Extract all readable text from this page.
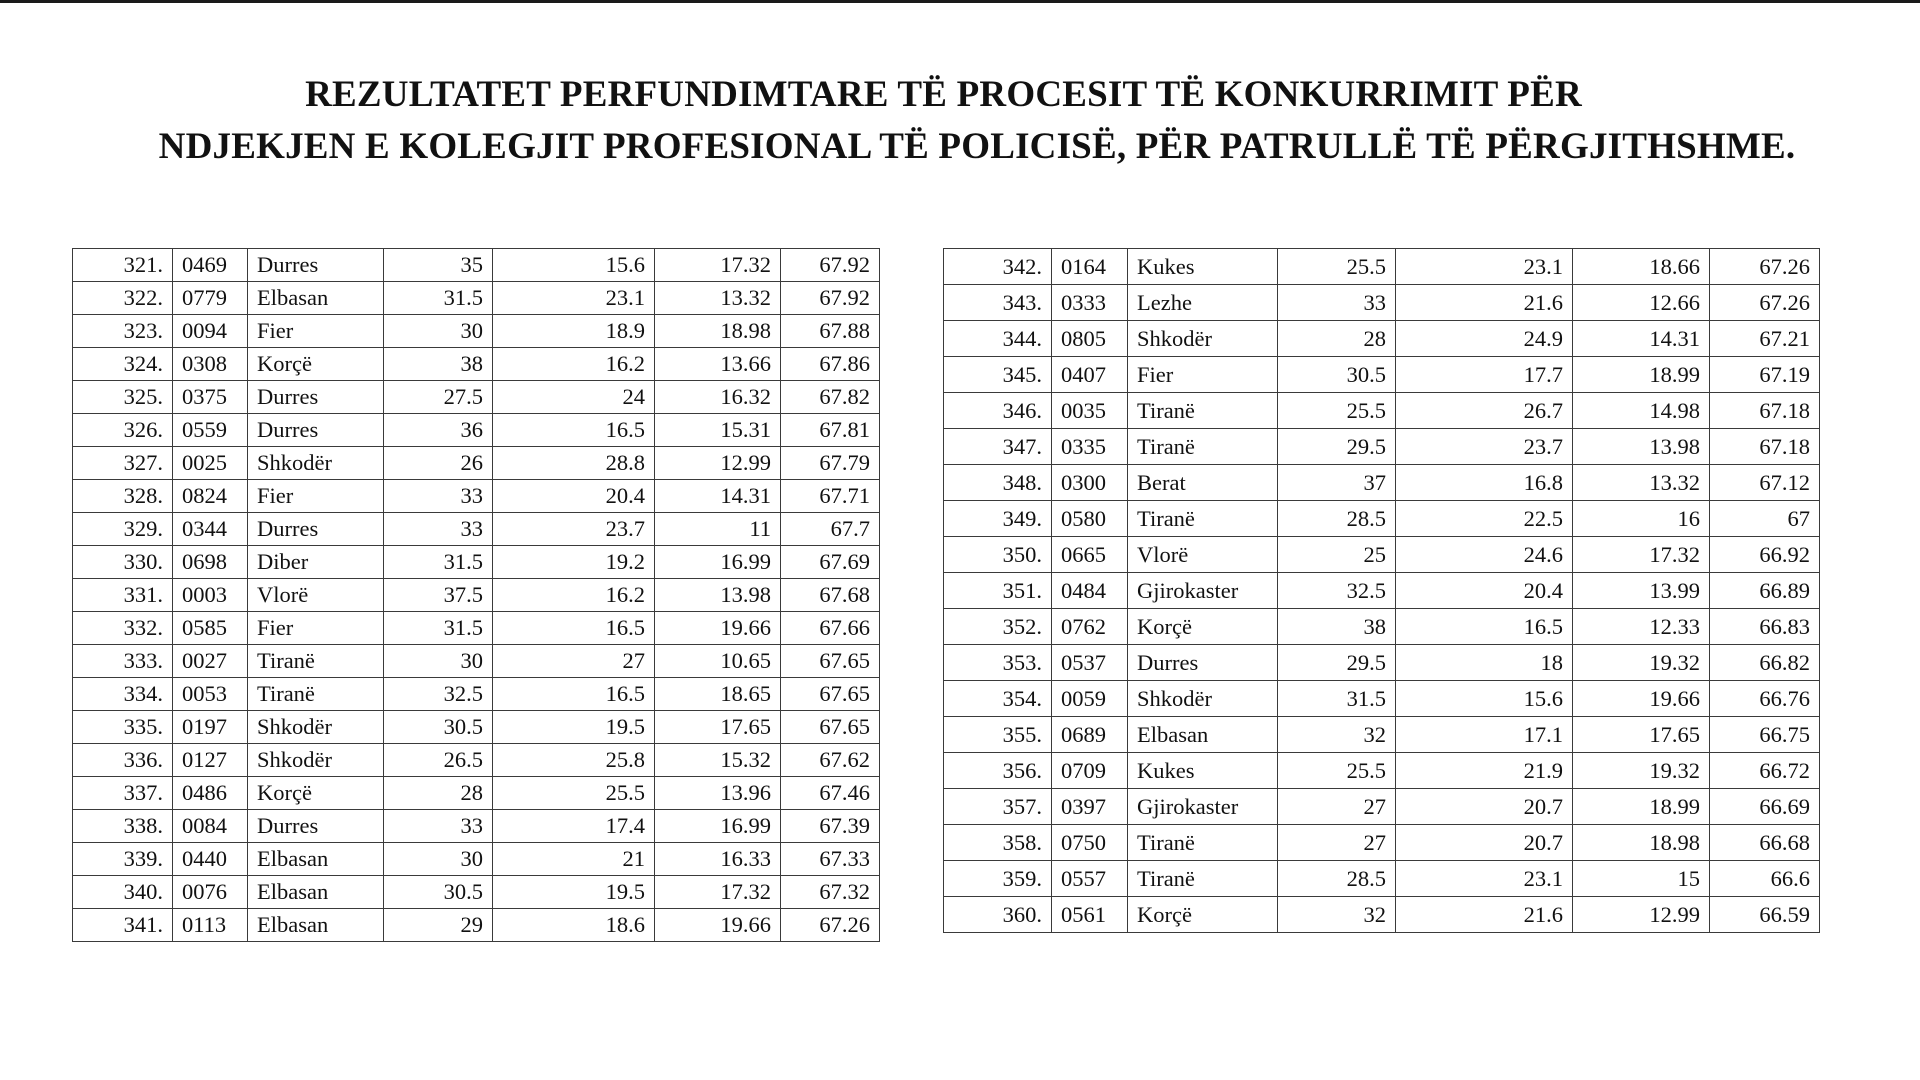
REZULTATET PERFUNDIMTARE TË PROCESIT TË KONKURRIMIT PËR
NDJEKJEN E KOLEGJIT PROFESIONAL TË POLICISË, PËR PATRULLË TË PËRGJITHSHME.
321.	0469	Durres	35	15.6	17.32	67.92
322.	0779	Elbasan	31.5	23.1	13.32	67.92
323.	0094	Fier	30	18.9	18.98	67.88
324.	0308	Korçë	38	16.2	13.66	67.86
325.	0375	Durres	27.5	24	16.32	67.82
326.	0559	Durres	36	16.5	15.31	67.81
327.	0025	Shkodër	26	28.8	12.99	67.79
328.	0824	Fier	33	20.4	14.31	67.71
329.	0344	Durres	33	23.7	11	67.7
330.	0698	Diber	31.5	19.2	16.99	67.69
331.	0003	Vlorë	37.5	16.2	13.98	67.68
332.	0585	Fier	31.5	16.5	19.66	67.66
333.	0027	Tiranë	30	27	10.65	67.65
334.	0053	Tiranë	32.5	16.5	18.65	67.65
335.	0197	Shkodër	30.5	19.5	17.65	67.65
336.	0127	Shkodër	26.5	25.8	15.32	67.62
337.	0486	Korçë	28	25.5	13.96	67.46
338.	0084	Durres	33	17.4	16.99	67.39
339.	0440	Elbasan	30	21	16.33	67.33
340.	0076	Elbasan	30.5	19.5	17.32	67.32
341.	0113	Elbasan	29	18.6	19.66	67.26
342.	0164	Kukes	25.5	23.1	18.66	67.26
343.	0333	Lezhe	33	21.6	12.66	67.26
344.	0805	Shkodër	28	24.9	14.31	67.21
345.	0407	Fier	30.5	17.7	18.99	67.19
346.	0035	Tiranë	25.5	26.7	14.98	67.18
347.	0335	Tiranë	29.5	23.7	13.98	67.18
348.	0300	Berat	37	16.8	13.32	67.12
349.	0580	Tiranë	28.5	22.5	16	67
350.	0665	Vlorë	25	24.6	17.32	66.92
351.	0484	Gjirokaster	32.5	20.4	13.99	66.89
352.	0762	Korçë	38	16.5	12.33	66.83
353.	0537	Durres	29.5	18	19.32	66.82
354.	0059	Shkodër	31.5	15.6	19.66	66.76
355.	0689	Elbasan	32	17.1	17.65	66.75
356.	0709	Kukes	25.5	21.9	19.32	66.72
357.	0397	Gjirokaster	27	20.7	18.99	66.69
358.	0750	Tiranë	27	20.7	18.98	66.68
359.	0557	Tiranë	28.5	23.1	15	66.6
360.	0561	Korçë	32	21.6	12.99	66.59
